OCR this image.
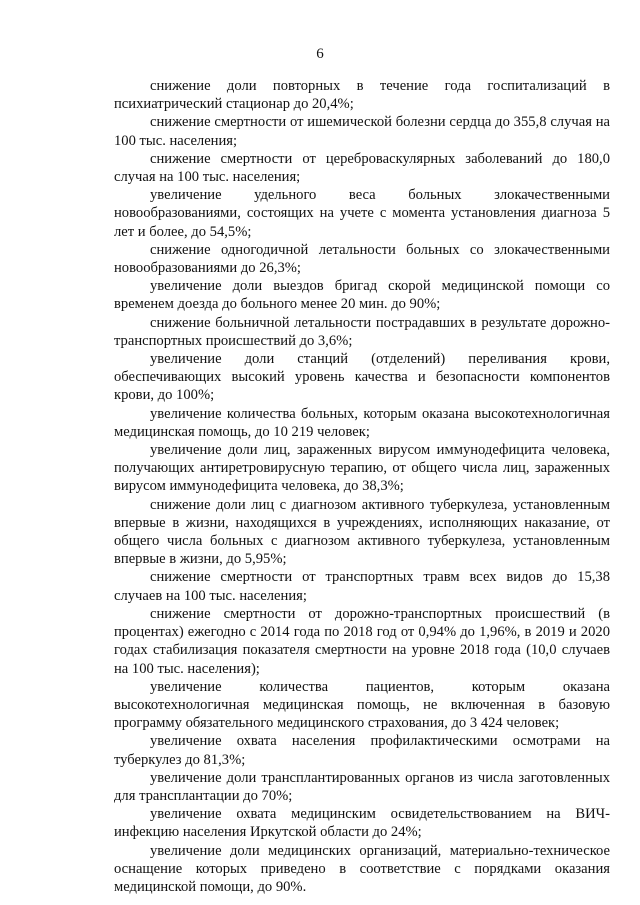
6

снижение доли повторных в течение года госпитализаций в психиатрический стационар до 20,4%;

снижение смертности от ишемической болезни сердца до 355,8 случая на 100 тыс. населения;

снижение смертности от цереброваскулярных заболеваний до 180,0 случая на 100 тыс. населения;

увеличение удельного веса больных злокачественными новообразованиями, состоящих на учете с момента установления диагноза 5 лет и более, до 54,5%;

снижение одногодичной летальности больных со злокачественными новообразованиями до 26,3%;

увеличение доли выездов бригад скорой медицинской помощи со временем доезда до больного менее 20 мин. до 90%;

снижение больничной летальности пострадавших в результате дорожно-транспортных происшествий до 3,6%;

увеличение доли станций (отделений) переливания крови, обеспечивающих высокий уровень качества и безопасности компонентов крови, до 100%;

увеличение количества больных, которым оказана высокотехнологичная медицинская помощь, до 10 219 человек;

увеличение доли лиц, зараженных вирусом иммунодефицита человека, получающих антиретровирусную терапию, от общего числа лиц, зараженных вирусом иммунодефицита человека, до 38,3%;

снижение доли лиц с диагнозом активного туберкулеза, установленным впервые в жизни, находящихся в учреждениях, исполняющих наказание, от общего числа больных с диагнозом активного туберкулеза, установленным впервые в жизни, до 5,95%;

снижение смертности от транспортных травм всех видов до 15,38 случаев на 100 тыс. населения;

снижение смертности от дорожно-транспортных происшествий (в процентах) ежегодно с 2014 года по 2018 год от 0,94% до 1,96%, в 2019 и 2020 годах стабилизация показателя смертности на уровне 2018 года (10,0 случаев на 100 тыс. населения);

увеличение количества пациентов, которым оказана высокотехнологичная медицинская помощь, не включенная в базовую программу обязательного медицинского страхования, до 3 424 человек;

увеличение охвата населения профилактическими осмотрами на туберкулез до 81,3%;

увеличение доли трансплантированных органов из числа заготовленных для трансплантации до 70%;

увеличение охвата медицинским освидетельствованием на ВИЧ-инфекцию населения Иркутской области до 24%;

увеличение доли медицинских организаций, материально-техническое оснащение которых приведено в соответствие с порядками оказания медицинской помощи, до 90%.
